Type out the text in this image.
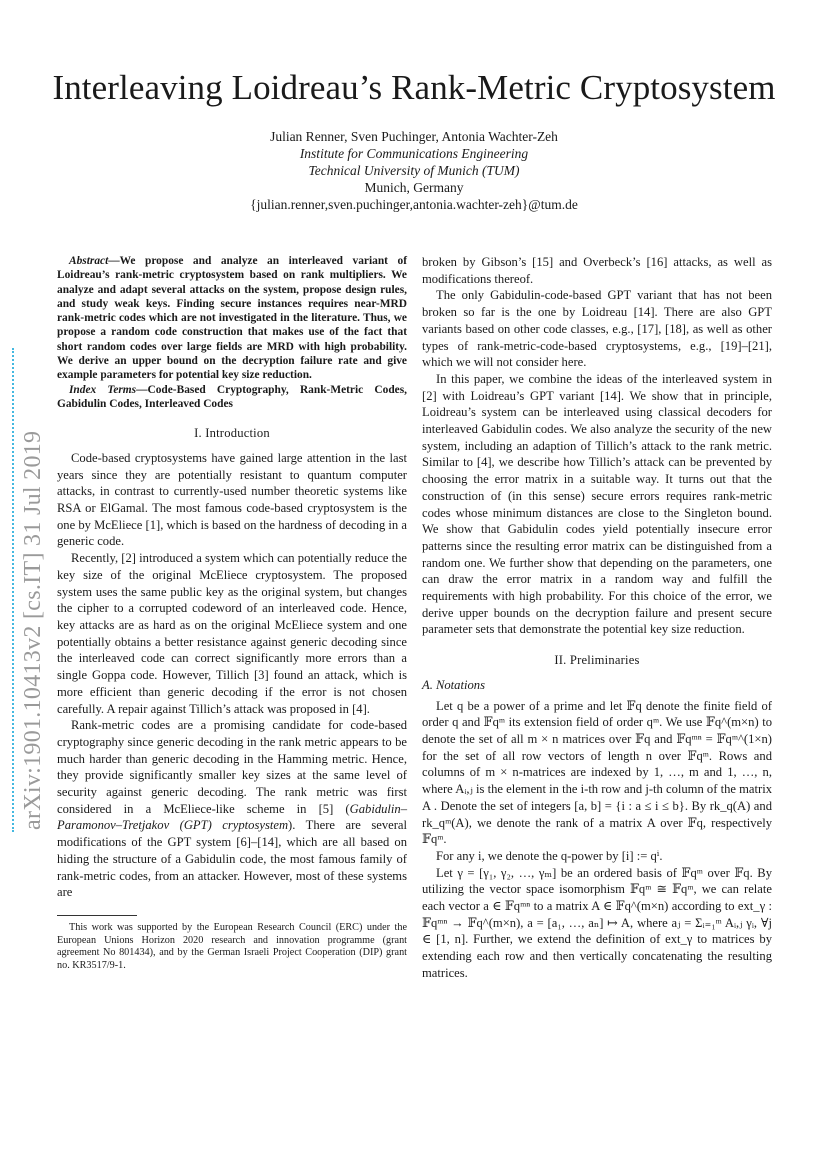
Interleaving Loidreau’s Rank-Metric Cryptosystem
Julian Renner, Sven Puchinger, Antonia Wachter-Zeh
Institute for Communications Engineering
Technical University of Munich (TUM)
Munich, Germany
{julian.renner,sven.puchinger,antonia.wachter-zeh}@tum.de
arXiv:1901.10413v2 [cs.IT] 31 Jul 2019

Abstract—We propose and analyze an interleaved variant of Loidreau’s rank-metric cryptosystem based on rank multipliers. We analyze and adapt several attacks on the system, propose design rules, and study weak keys. Finding secure instances requires near-MRD rank-metric codes which are not investigated in the literature. Thus, we propose a random code construction that makes use of the fact that short random codes over large fields are MRD with high probability. We derive an upper bound on the decryption failure rate and give example parameters for potential key size reduction.

Index Terms—Code-Based Cryptography, Rank-Metric Codes, Gabidulin Codes, Interleaved Codes

I. Introduction

Code-based cryptosystems have gained large attention in the last years since they are potentially resistant to quantum computer attacks, in contrast to currently-used number theoretic systems like RSA or ElGamal. The most famous code-based cryptosystem is the one by McEliece [1], which is based on the hardness of decoding in a generic code.

Recently, [2] introduced a system which can potentially reduce the key size of the original McEliece cryptosystem. The proposed system uses the same public key as the original system, but changes the cipher to a corrupted codeword of an interleaved code. Hence, key attacks are as hard as on the original McEliece system and one potentially obtains a better resistance against generic decoding since the interleaved code can correct significantly more errors than a single Goppa code. However, Tillich [3] found an attack, which is more efficient than generic decoding if the error is not chosen carefully. A repair against Tillich’s attack was proposed in [4].

Rank-metric codes are a promising candidate for code-based cryptography since generic decoding in the rank metric appears to be much harder than generic decoding in the Hamming metric. Hence, they provide significantly smaller key sizes at the same level of security against generic decoding. The rank metric was first considered in a McEliece-like scheme in [5] (Gabidulin–Paramonov–Tretjakov (GPT) cryptosystem). There are several modifications of the GPT system [6]–[14], which are all based on hiding the structure of a Gabidulin code, the most famous family of rank-metric codes, from an attacker. However, most of these systems are

This work was supported by the European Research Council (ERC) under the European Unions Horizon 2020 research and innovation programme (grant agreement No 801434), and by the German Israeli Project Cooperation (DIP) grant no. KR3517/9-1.

broken by Gibson’s [15] and Overbeck’s [16] attacks, as well as modifications thereof.

The only Gabidulin-code-based GPT variant that has not been broken so far is the one by Loidreau [14]. There are also GPT variants based on other code classes, e.g., [17], [18], as well as other types of rank-metric-code-based cryptosystems, e.g., [19]–[21], which we will not consider here.

In this paper, we combine the ideas of the interleaved system in [2] with Loidreau’s GPT variant [14]. We show that in principle, Loidreau’s system can be interleaved using classical decoders for interleaved Gabidulin codes. We also analyze the security of the new system, including an adaption of Tillich’s attack to the rank metric. Similar to [4], we describe how Tillich’s attack can be prevented by choosing the error matrix in a suitable way. It turns out that the construction of (in this sense) secure errors requires rank-metric codes whose minimum distances are close to the Singleton bound. We show that Gabidulin codes yield potentially insecure error patterns since the resulting error matrix can be distinguished from a random one. We further show that depending on the parameters, one can draw the error matrix in a random way and fulfill the requirements with high probability. For this choice of the error, we derive upper bounds on the decryption failure and present secure parameter sets that demonstrate the potential key size reduction.

II. Preliminaries
A. Notations

Let q be a power of a prime and let 𝔽q denote the finite field of order q and 𝔽qᵐ its extension field of order qᵐ. We use 𝔽q^(m×n) to denote the set of all m × n matrices over 𝔽q and 𝔽qᵐⁿ = 𝔽qᵐ^(1×n) for the set of all row vectors of length n over 𝔽qᵐ. Rows and columns of m × n-matrices are indexed by 1, …, m and 1, …, n, where Aᵢ,ⱼ is the element in the i-th row and j-th column of the matrix A . Denote the set of integers [a, b] = {i : a ≤ i ≤ b}. By rk_q(A) and rk_qᵐ(A), we denote the rank of a matrix A over 𝔽q, respectively 𝔽qᵐ.

For any i, we denote the q-power by [i] := qⁱ.

Let γ = [γ₁, γ₂, …, γₘ] be an ordered basis of 𝔽qᵐ over 𝔽q. By utilizing the vector space isomorphism 𝔽qᵐ ≅ 𝔽qᵐ, we can relate each vector a ∈ 𝔽qᵐⁿ to a matrix A ∈ 𝔽q^(m×n) according to ext_γ : 𝔽qᵐⁿ → 𝔽q^(m×n), a = [a₁, …, aₙ] ↦ A, where aⱼ = Σᵢ₌₁ᵐ Aᵢ,ⱼ γᵢ, ∀j ∈ [1, n]. Further, we extend the definition of ext_γ to matrices by extending each row and then vertically concatenating the resulting matrices.
